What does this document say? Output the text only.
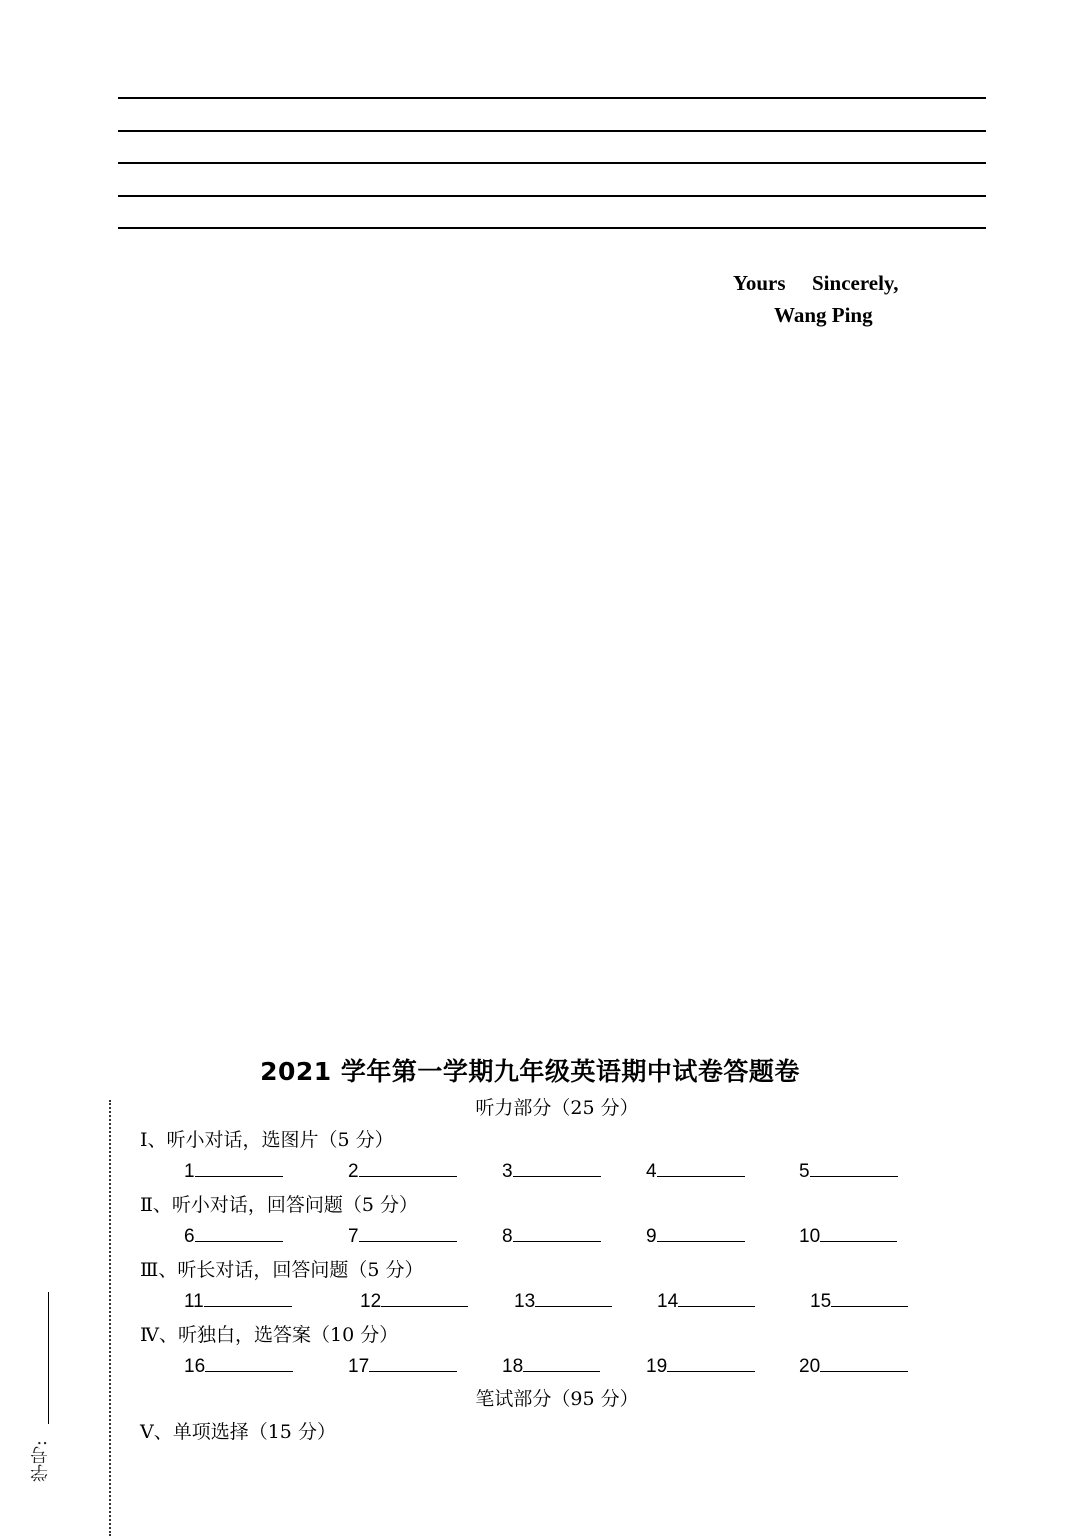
Yours Sincerely,
Wang Ping
2021 学年第一学期九年级英语期中试卷答题卷
听力部分（25 分）
Ⅰ、听小对话，选图片（5 分）
Ⅱ、听小对话，回答问题（5 分）
Ⅲ、听长对话，回答问题（5 分）
Ⅳ、听独白，选答案（10 分）
1	2	3	4	5
6	7	8	9	10
11	12	13	14	15
16	17	18	19	20
笔试部分（95 分）
Ⅴ、单项选择（15 分）
学号:
